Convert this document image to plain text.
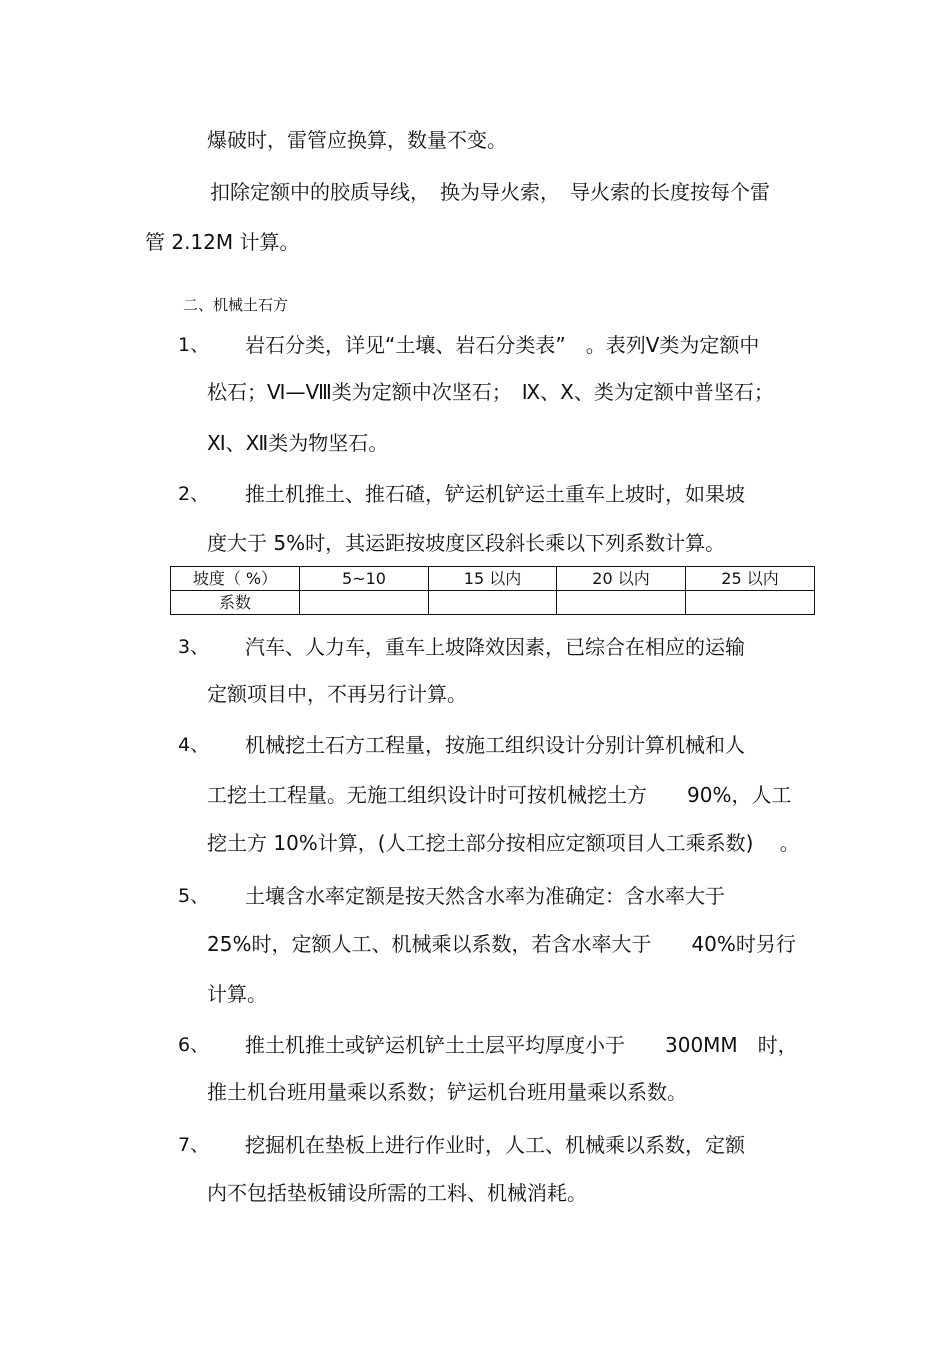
爆破时，雷管应换算，数量不变。
扣除定额中的胶质导线，　换为导火索，　导火索的长度按每个雷
管 2.12M 计算。
二、机械土石方
1、 岩石分类，详见“土壤、岩石分类表”　。表列Ⅴ类为定额中
松石；Ⅵ—Ⅷ类为定额中次坚石；　Ⅸ、Ⅹ、类为定额中普坚石；
Ⅺ、Ⅻ类为物坚石。
2、 推土机推土、推石碴，铲运机铲运土重车上坡时，如果坡
度大于 5%时，其运距按坡度区段斜长乘以下列系数计算。
坡度（ %）	5~10	15 以内	20 以内	25 以内
系数				
3、 汽车、人力车，重车上坡降效因素，已综合在相应的运输
定额项目中，不再另行计算。
4、 机械挖土石方工程量，按施工组织设计分别计算机械和人
工挖土工程量。无施工组织设计时可按机械挖土方　　90%，人工
挖土方 10%计算，(人工挖土部分按相应定额项目人工乘系数)　 。
5、 土壤含水率定额是按天然含水率为准确定：含水率大于
25%时，定额人工、机械乘以系数，若含水率大于　　40%时另行
计算。
6、 推土机推土或铲运机铲土土层平均厚度小于　　300MM　时，
推土机台班用量乘以系数；铲运机台班用量乘以系数。
7、 挖掘机在垫板上进行作业时，人工、机械乘以系数，定额
内不包括垫板铺设所需的工料、机械消耗。
